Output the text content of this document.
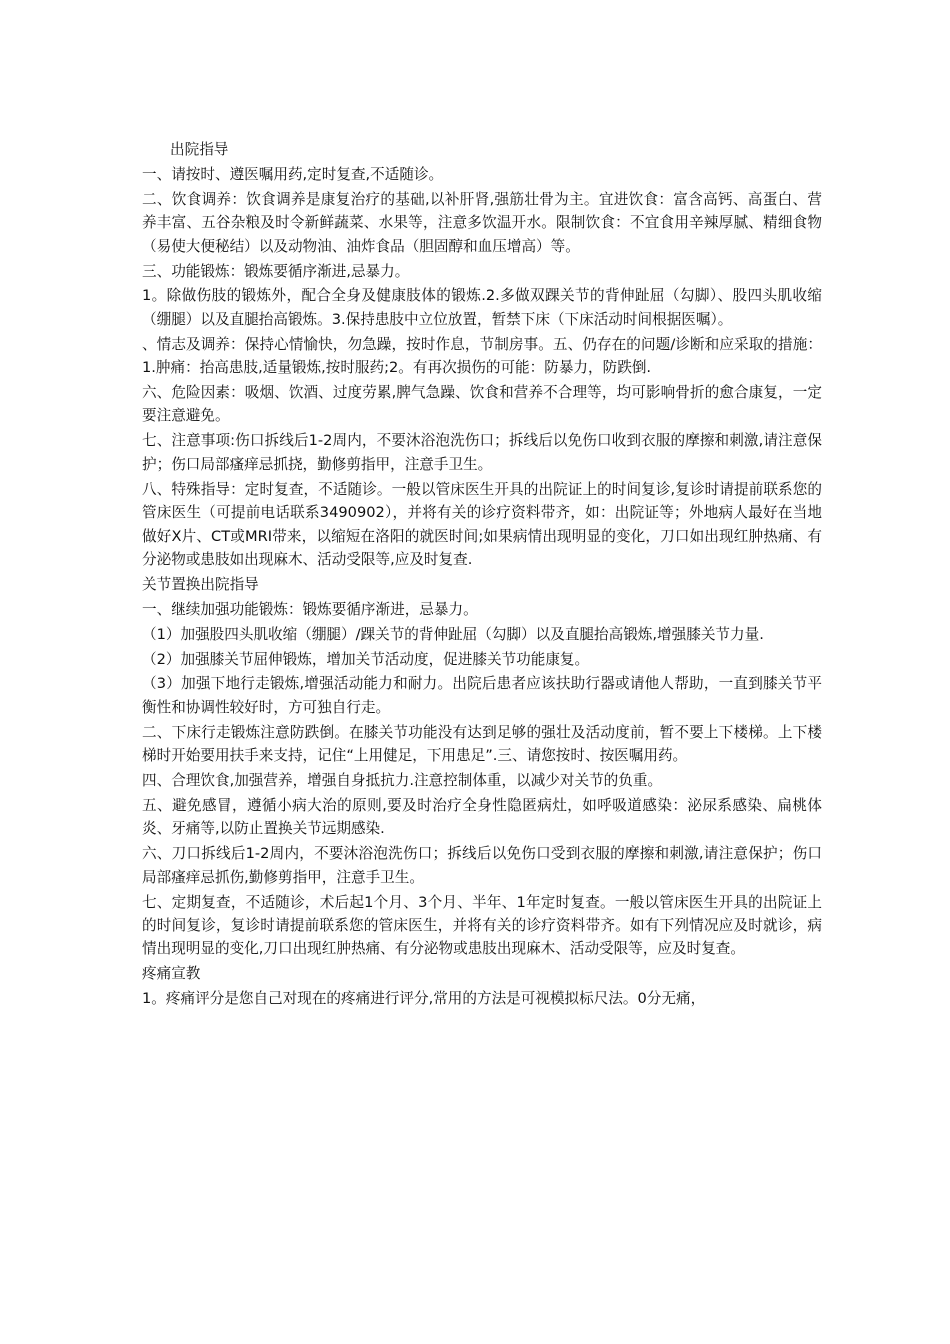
出院指导

一、请按时、遵医嘱用药,定时复查,不适随诊。

二、饮食调养：饮食调养是康复治疗的基础,以补肝肾,强筋壮骨为主。宜进饮食：富含高钙、高蛋白、营养丰富、五谷杂粮及时令新鲜蔬菜、水果等，注意多饮温开水。限制饮食：不宜食用辛辣厚腻、精细食物（易使大便秘结）以及动物油、油炸食品（胆固醇和血压增高）等。

三、功能锻炼：锻炼要循序渐进,忌暴力。

1。除做伤肢的锻炼外，配合全身及健康肢体的锻炼.2.多做双踝关节的背伸趾屈（勾脚）、股四头肌收缩（绷腿）以及直腿抬高锻炼。3.保持患肢中立位放置，暂禁下床（下床活动时间根据医嘱）。

、情志及调养：保持心情愉快，勿急躁，按时作息，节制房事。五、仍存在的问题/诊断和应采取的措施：1.肿痛：抬高患肢,适量锻炼,按时服药;2。有再次损伤的可能：防暴力，防跌倒.

六、危险因素：吸烟、饮酒、过度劳累,脾气急躁、饮食和营养不合理等，均可影响骨折的愈合康复，一定要注意避免。

七、注意事项:伤口拆线后1-2周内，不要沐浴泡洗伤口；拆线后以免伤口收到衣服的摩擦和刺激,请注意保护；伤口局部瘙痒忌抓挠，勤修剪指甲，注意手卫生。

八、特殊指导：定时复查，不适随诊。一般以管床医生开具的出院证上的时间复诊,复诊时请提前联系您的管床医生（可提前电话联系3490902），并将有关的诊疗资料带齐，如：出院证等；外地病人最好在当地做好X片、CT或MRI带来，以缩短在洛阳的就医时间;如果病情出现明显的变化，刀口如出现红肿热痛、有分泌物或患肢如出现麻木、活动受限等,应及时复查.

关节置换出院指导

一、继续加强功能锻炼：锻炼要循序渐进，忌暴力。

（1）加强股四头肌收缩（绷腿）/踝关节的背伸趾屈（勾脚）以及直腿抬高锻炼,增强膝关节力量.

（2）加强膝关节屈伸锻炼，增加关节活动度，促进膝关节功能康复。

（3）加强下地行走锻炼,增强活动能力和耐力。出院后患者应该扶助行器或请他人帮助，一直到膝关节平衡性和协调性较好时，方可独自行走。

二、下床行走锻炼注意防跌倒。在膝关节功能没有达到足够的强壮及活动度前，暂不要上下楼梯。上下楼梯时开始要用扶手来支持，记住“上用健足，下用患足”.三、请您按时、按医嘱用药。

四、合理饮食,加强营养，增强自身抵抗力.注意控制体重，以减少对关节的负重。

五、避免感冒，遵循小病大治的原则,要及时治疗全身性隐匿病灶，如呼吸道感染：泌尿系感染、扁桃体炎、牙痛等,以防止置换关节远期感染.

六、刀口拆线后1-2周内，不要沐浴泡洗伤口；拆线后以免伤口受到衣服的摩擦和刺激,请注意保护；伤口局部瘙痒忌抓伤,勤修剪指甲，注意手卫生。

七、定期复查，不适随诊，术后起1个月、3个月、半年、1年定时复查。一般以管床医生开具的出院证上的时间复诊，复诊时请提前联系您的管床医生，并将有关的诊疗资料带齐。如有下列情况应及时就诊，病情出现明显的变化,刀口出现红肿热痛、有分泌物或患肢出现麻木、活动受限等，应及时复查。

疼痛宣教

1。疼痛评分是您自己对现在的疼痛进行评分,常用的方法是可视模拟标尺法。0分无痛，
